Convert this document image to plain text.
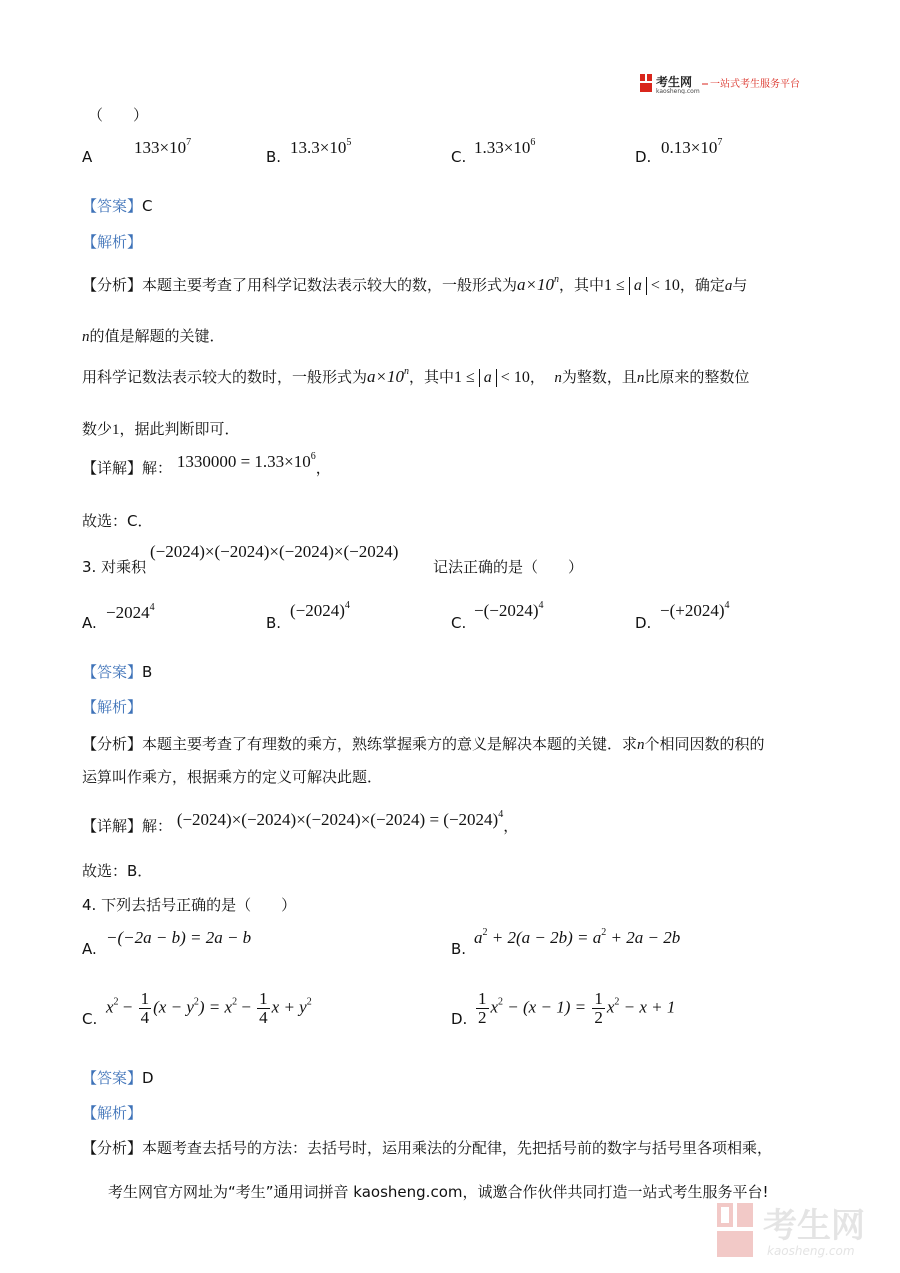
考生网
kaosheng.com
一站式考生服务平台
（　　）
A $133\times 10^7$
B. $13.3\times 10^5$
C. $1.33\times 10^6$
D. $0.13\times 10^7$
【答案】C
【解析】
【分析】本题主要考查了用科学记数法表示较大的数，一般形式为$a\times 10^n$，其中1 ≤ a < 10，确定a与
n的值是解题的关键．
用科学记数法表示较大的数时，一般形式为$a\times 10^n$，其中1 ≤ a < 10， n为整数，且n比原来的整数位
数少1，据此判断即可．
【详解】解： $1330000 = 1.33\times 10^6$，
故选：C．
3. 对乘积
(−2024)×(−2024)×(−2024)×(−2024)
记法正确的是（　　）
A.
$-2024^4$
B.
$(-2024)^4$
C.
$-(-2024)^4$
D.
$-(+2024)^4$
【答案】B
【解析】
【分析】本题主要考查了有理数的乘方，熟练掌握乘方的意义是解决本题的关键．求n个相同因数的积的
运算叫作乘方，根据乘方的定义可解决此题．
【详解】解： $(-2024)\times(-2024)\times(-2024)\times(-2024) = (-2024)^4$，
故选：B．
4. 下列去括号正确的是（　　）
A.
−(−2a − b) = 2a − b
B.
$a^2 + 2(a - 2b) = a^2 + 2a - 2b$
C.
$x^2 - \frac{1}{4} (x - y^2) = x^2 - \frac{1}{4}$ $x + y^2$
D. $\frac{1}{2} x^2 - (x - 1) = \frac{1}{2} x^2 - x + 1$
【答案】D
【解析】
【分析】本题考查去括号的方法：去括号时，运用乘法的分配律，先把括号前的数字与括号里各项相乘，
考生网官方网址为“考生”通用词拼音 kaosheng.com，诚邀合作伙伴共同打造一站式考生服务平台!
考生网
kaosheng.com
